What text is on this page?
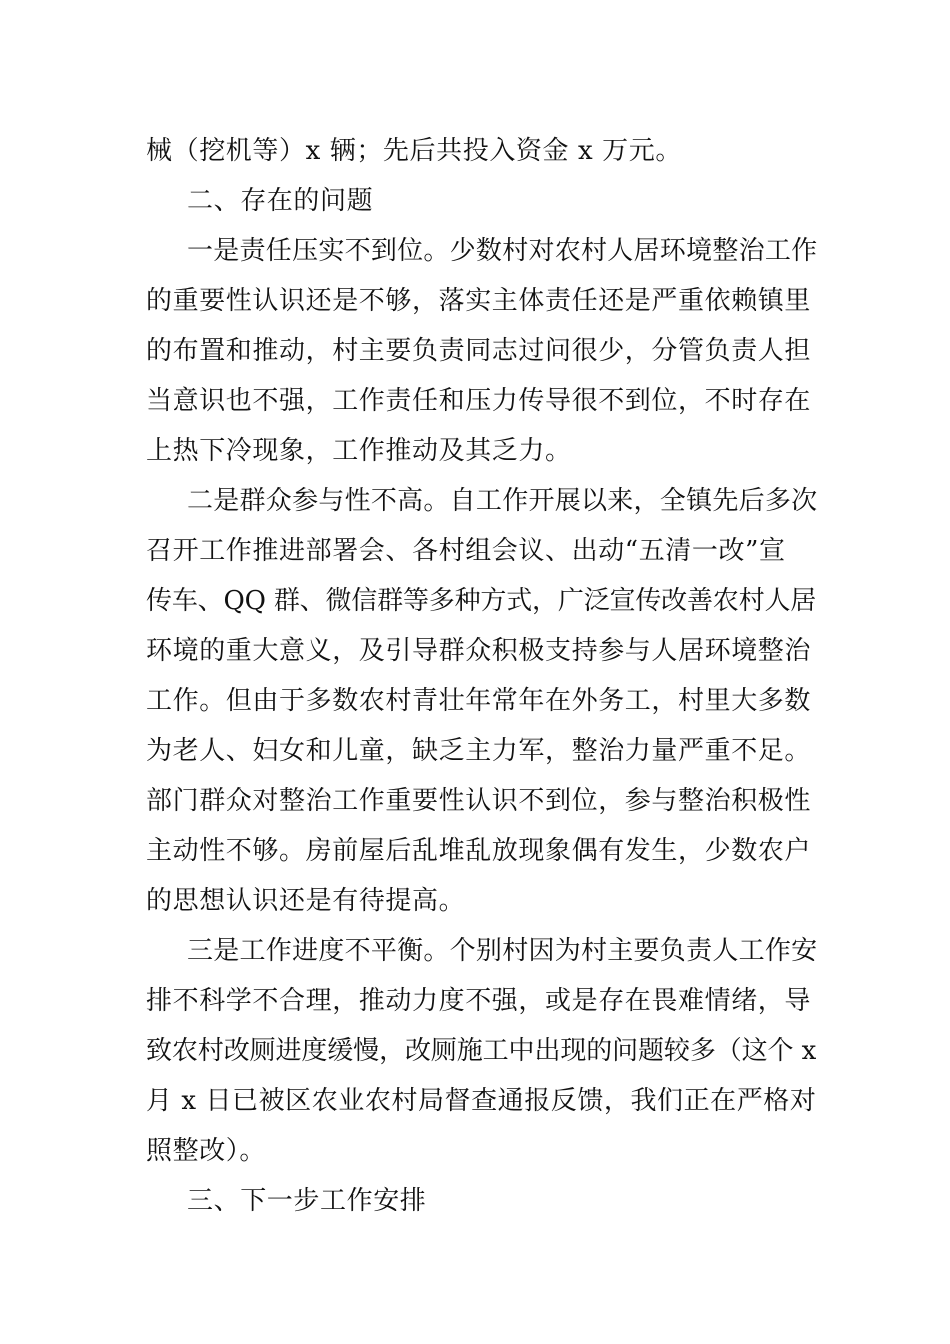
械（挖机等）x 辆；先后共投入资金 x 万元。
二、存在的问题
一是责任压实不到位。少数村对农村人居环境整治工作
的重要性认识还是不够，落实主体责任还是严重依赖镇里
的布置和推动，村主要负责同志过问很少，分管负责人担
当意识也不强，工作责任和压力传导很不到位，不时存在
上热下冷现象，工作推动及其乏力。
二是群众参与性不高。自工作开展以来，全镇先后多次
召开工作推进部署会、各村组会议、出动“五清一改”宣
传车、QQ 群、微信群等多种方式，广泛宣传改善农村人居
环境的重大意义，及引导群众积极支持参与人居环境整治
工作。但由于多数农村青壮年常年在外务工，村里大多数
为老人、妇女和儿童，缺乏主力军，整治力量严重不足。
部门群众对整治工作重要性认识不到位，参与整治积极性
主动性不够。房前屋后乱堆乱放现象偶有发生，少数农户
的思想认识还是有待提高。
三是工作进度不平衡。个别村因为村主要负责人工作安
排不科学不合理，推动力度不强，或是存在畏难情绪，导
致农村改厕进度缓慢，改厕施工中出现的问题较多（这个 x
月 x 日已被区农业农村局督查通报反馈，我们正在严格对
照整改）。
三、下一步工作安排
